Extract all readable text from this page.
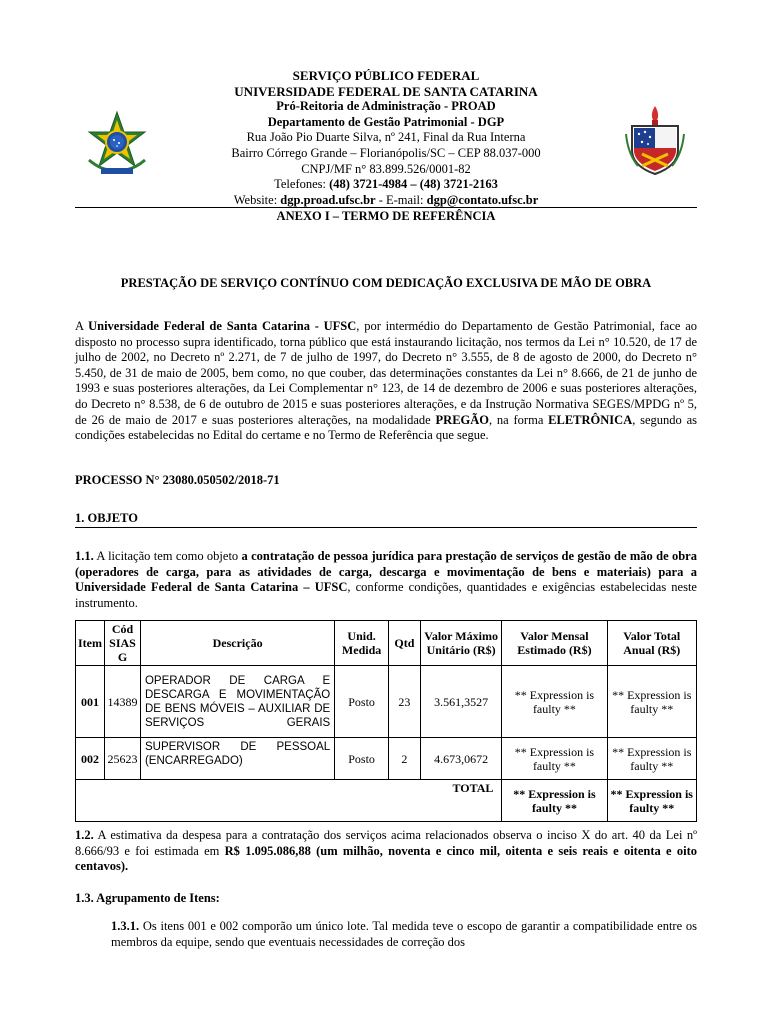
SERVIÇO PÚBLICO FEDERAL
UNIVERSIDADE FEDERAL DE SANTA CATARINA
Pró-Reitoria de Administração - PROAD
Departamento de Gestão Patrimonial - DGP
Rua João Pio Duarte Silva, nº 241, Final da Rua Interna
Bairro Córrego Grande – Florianópolis/SC – CEP 88.037-000
CNPJ/MF n° 83.899.526/0001-82
Telefones: (48) 3721-4984 – (48) 3721-2163
Website: dgp.proad.ufsc.br - E-mail: dgp@contato.ufsc.br
ANEXO I – TERMO DE REFERÊNCIA
PRESTAÇÃO DE SERVIÇO CONTÍNUO COM DEDICAÇÃO EXCLUSIVA DE MÃO DE OBRA
A Universidade Federal de Santa Catarina - UFSC, por intermédio do Departamento de Gestão Patrimonial, face ao disposto no processo supra identificado, torna público que está instaurando licitação, nos termos da Lei n° 10.520, de 17 de julho de 2002, no Decreto nº 2.271, de 7 de julho de 1997, do Decreto n° 3.555, de 8 de agosto de 2000, do Decreto n° 5.450, de 31 de maio de 2005, bem como, no que couber, das determinações constantes da Lei n° 8.666, de 21 de junho de 1993 e suas posteriores alterações, da Lei Complementar n° 123, de 14 de dezembro de 2006 e suas posteriores alterações, do Decreto n° 8.538, de 6 de outubro de 2015 e suas posteriores alterações, e da Instrução Normativa SEGES/MPDG nº 5, de 26 de maio de 2017 e suas posteriores alterações, na modalidade PREGÃO, na forma ELETRÔNICA, segundo as condições estabelecidas no Edital do certame e no Termo de Referência que segue.
PROCESSO N° 23080.050502/2018-71
1. OBJETO
1.1. A licitação tem como objeto a contratação de pessoa jurídica para prestação de serviços de gestão de mão de obra (operadores de carga, para as atividades de carga, descarga e movimentação de bens e materiais) para a Universidade Federal de Santa Catarina – UFSC, conforme condições, quantidades e exigências estabelecidas neste instrumento.
Item	Cód SIAS G	Descrição	Unid. Medida	Qtd	Valor Máximo Unitário (R$)	Valor Mensal Estimado (R$)	Valor Total Anual (R$)
001	14389	OPERADOR DE CARGA E DESCARGA E MOVIMENTAÇÃO DE BENS MÓVEIS – AUXILIAR DE SERVIÇOS GERAIS	Posto	23	3.561,3527	** Expression is faulty **	** Expression is faulty **
002	25623	SUPERVISOR DE PESSOAL (ENCARREGADO)	Posto	2	4.673,0672	** Expression is faulty **	** Expression is faulty **
TOTAL						** Expression is faulty **	** Expression is faulty **
1.2. A estimativa da despesa para a contratação dos serviços acima relacionados observa o inciso X do art. 40 da Lei nº 8.666/93 e foi estimada em R$ 1.095.086,88 (um milhão, noventa e cinco mil, oitenta e seis reais e oitenta e oito centavos).
1.3. Agrupamento de Itens:
1.3.1. Os itens 001 e 002 comporão um único lote. Tal medida teve o escopo de garantir a compatibilidade entre os membros da equipe, sendo que eventuais necessidades de correção dos
